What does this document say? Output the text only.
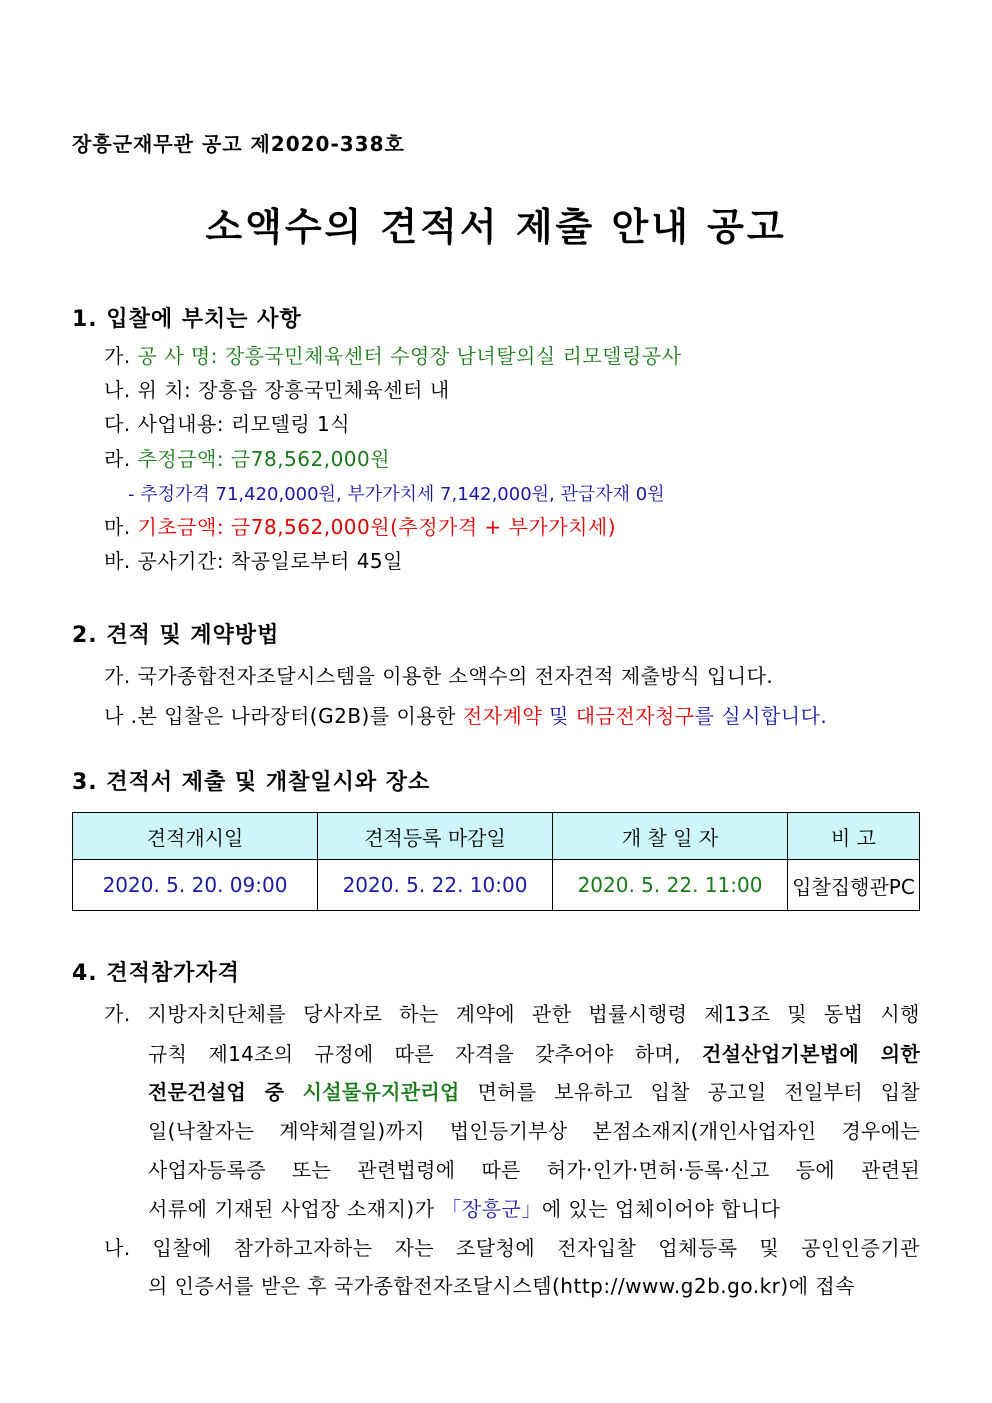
장흥군재무관 공고 제2020-338호
소액수의 견적서 제출 안내 공고
1. 입찰에 부치는 사항
가. 공 사 명: 장흥국민체육센터 수영장 남녀탈의실 리모델링공사
나. 위 치: 장흥읍 장흥국민체육센터 내
다. 사업내용: 리모델링 1식
라. 추정금액: 금78,562,000원
- 추정가격 71,420,000원, 부가가치세 7,142,000원, 관급자재 0원
마. 기초금액: 금78,562,000원(추정가격 + 부가가치세)
바. 공사기간: 착공일로부터 45일
2. 견적 및 계약방법
가. 국가종합전자조달시스템을 이용한 소액수의 전자견적 제출방식 입니다.
나 .본 입찰은 나라장터(G2B)를 이용한 전자계약 및 대금전자청구를 실시합니다.
3. 견적서 제출 및 개찰일시와 장소
견적개시일	견적등록 마감일	개 찰 일 자	비 고
2020. 5. 20. 09:00	2020. 5. 22. 10:00	2020. 5. 22. 11:00	입찰집행관PC
4. 견적참가자격
가. 지방자치단체를 당사자로 하는 계약에 관한 법률시행령 제13조 및 동법 시행
규칙 제14조의 규정에 따른 자격을 갖추어야 하며, 건설산업기본법에 의한
전문건설업 중 시설물유지관리업 면허를 보유하고 입찰 공고일 전일부터 입찰
일(낙찰자는 계약체결일)까지 법인등기부상 본점소재지(개인사업자인 경우에는
사업자등록증 또는 관련법령에 따른 허가·인가·면허·등록·신고 등에 관련된
서류에 기재된 사업장 소재지)가 「장흥군」에 있는 업체이어야 합니다
나. 입찰에 참가하고자하는 자는 조달청에 전자입찰 업체등록 및 공인인증기관
의 인증서를 받은 후 국가종합전자조달시스템(http://www.g2b.go.kr)에 접속
